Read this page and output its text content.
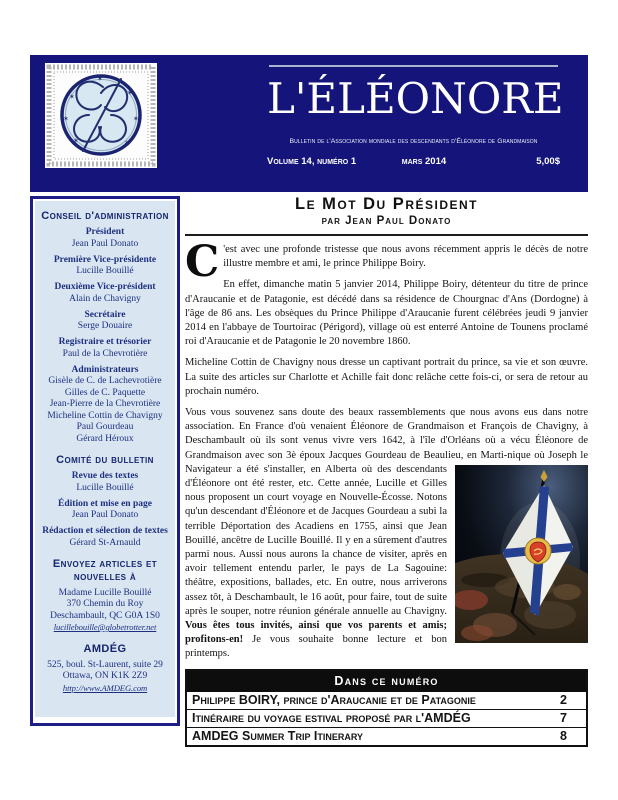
✶	✶
✶	✶
✶	✶
✶	L'ÉLÉONORE
Bulletin de l'Association mondiale des descendants d'Éléonore de Grandmaison
Volume 14, numéro 1	mars 2014	5,00$
Conseil d'administration
Président
Jean Paul Donato
Première Vice-présidente
Lucille Bouillé
Deuxième Vice-président
Alain de Chavigny
Secrétaire
Serge Douaire
Registraire et trésorier
Paul de la Chevrotière
Administrateurs
Gisèle de C. de Lachevrotière
Gilles de C. Paquette
Jean-Pierre de la Chevrotière
Micheline Cottin de Chavigny
Paul Gourdeau
Gérard Héroux
Comité du bulletin
Revue des textes
Lucille Bouillé
Édition et mise en page
Jean Paul Donato
Rédaction et sélection de textes
Gérard St-Arnauld
Envoyez articles et nouvelles à
Madame Lucille Bouillé
370 Chemin du Roy
Deschambault, QC G0A 1S0
lucillebouille@globetrotter.net
AMDÉG
525, boul. St-Laurent, suite 29
Ottawa, ON K1K 2Z9
http://www.AMDEG.com
Le Mot Du Président
par Jean Paul Donato

C 'est avec une profonde tristesse que nous avons récemment appris le décès de notre illustre membre et ami, le prince Philippe Boiry.

En effet, dimanche matin 5 janvier 2014, Philippe Boiry, détenteur du titre de prince d'Araucanie et de Patagonie, est décédé dans sa résidence de Chourgnac d'Ans (Dordogne) à l'âge de 86 ans. Les obsèques du Prince Philippe d'Araucanie furent célébrées jeudi 9 janvier 2014 en l'abbaye de Tourtoirac (Périgord), village où est enterré Antoine de Tounens proclamé roi d'Araucanie et de Patagonie le 20 novembre 1860.

Micheline Cottin de Chavigny nous dresse un captivant portrait du prince, sa vie et son œuvre. La suite des articles sur Charlotte et Achille fait donc relâche cette fois-ci, or sera de retour au prochain numéro.

Vous vous souvenez sans doute des beaux rassemblements que nous avons eus dans notre association. En France d'où venaient Éléonore de Grandmaison et François de Chavigny, à Deschambault où ils sont venus vivre vers 1642, à l'île d'Orléans où a vécu Éléonore de Grandmaison avec son 3è époux Jacques Gourdeau de Beaulieu, en Marti-
nique où Joseph le Navigateur a été s'installer, en Alberta où des descendants d'Éléonore ont été rester, etc. Cette année, Lucille et Gilles nous proposent un court voyage en Nouvelle-Écosse. Notons qu'un descendant d'Éléonore et de Jacques Gourdeau a subi la terrible Déportation des Acadiens en 1755, ainsi que Jean Bouillé, ancêtre de Lucille Bouillé. Il y en a sûrement d'autres parmi nous. Aussi nous aurons la chance de visiter, après en avoir tellement entendu parler, le pays de La Sagouine: théâtre, expositions, ballades, etc. En outre, nous arriverons assez tôt, à Deschambault, le 16 août, pour faire, tout de suite après le souper, notre réunion générale annuelle au Chavigny. Vous êtes tous invités, ainsi que vos parents et amis; profitons-en! Je vous souhaite bonne lecture et bon printemps.

Dans ce numéro
Philippe BOIRY, prince d'Araucanie et de Patagonie	2
Itinéraire du voyage estival proposé par l'AMDÉG	7
AMDEG Summer Trip Itinerary	8
